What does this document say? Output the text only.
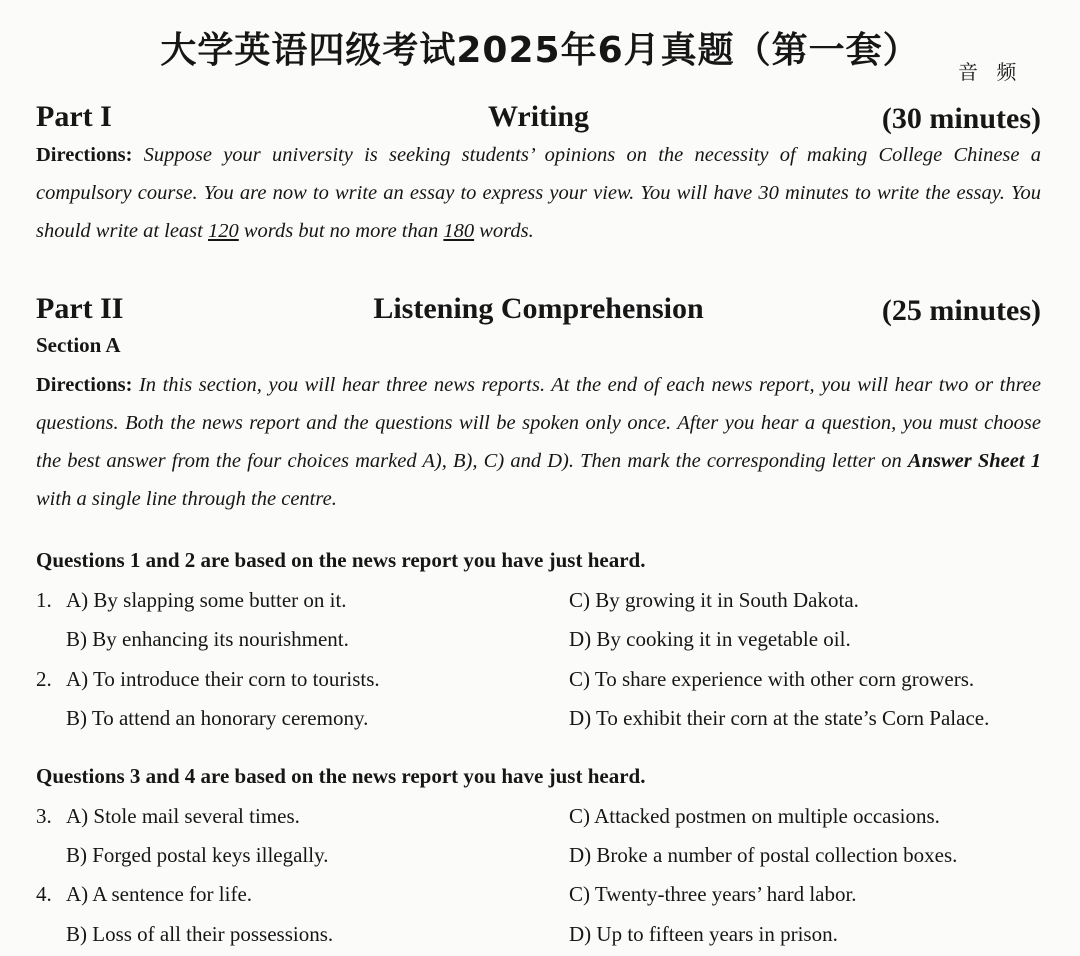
大学英语四级考试2025年6月真题（第一套）
音 频
Part I	Writing	(30 minutes)
Directions: Suppose your university is seeking students’ opinions on the necessity of making College Chinese a compulsory course. You are now to write an essay to express your view. You will have 30 minutes to write the essay. You should write at least 120 words but no more than 180 words.
Part II	Listening Comprehension	(25 minutes)
Section A
Directions: In this section, you will hear three news reports. At the end of each news report, you will hear two or three questions. Both the news report and the questions will be spoken only once. After you hear a question, you must choose the best answer from the four choices marked A), B), C) and D). Then mark the corresponding letter on Answer Sheet 1 with a single line through the centre.
Questions 1 and 2 are based on the news report you have just heard.
1. A) By slapping some butter on it.	C) By growing it in South Dakota.
B) By enhancing its nourishment.	D) By cooking it in vegetable oil.
2. A) To introduce their corn to tourists.	C) To share experience with other corn growers.
B) To attend an honorary ceremony.	D) To exhibit their corn at the state’s Corn Palace.
Questions 3 and 4 are based on the news report you have just heard.
3. A) Stole mail several times.	C) Attacked postmen on multiple occasions.
B) Forged postal keys illegally.	D) Broke a number of postal collection boxes.
4. A) A sentence for life.	C) Twenty-three years’ hard labor.
B) Loss of all their possessions.	D) Up to fifteen years in prison.
